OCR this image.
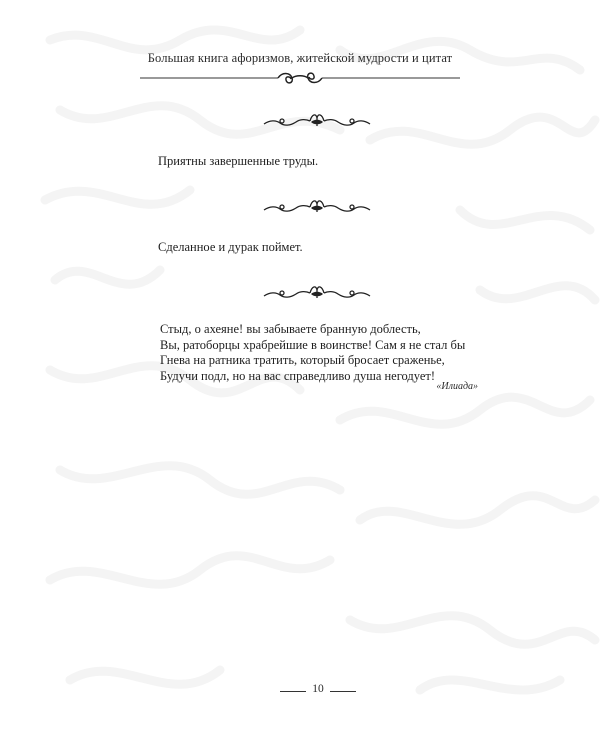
Большая книга афоризмов, житейской мудрости и цитат
Приятны завершенные труды.
Сделанное и дурак поймет.
Стыд, о ахеяне! вы забываете бранную доблесть,
Вы, ратоборцы храбрейшие в воинстве! Сам я не стал бы
Гнева на ратника тратить, который бросает сраженье,
Будучи подл, но на вас справедливо душа негодует!
«Илиада»
10
